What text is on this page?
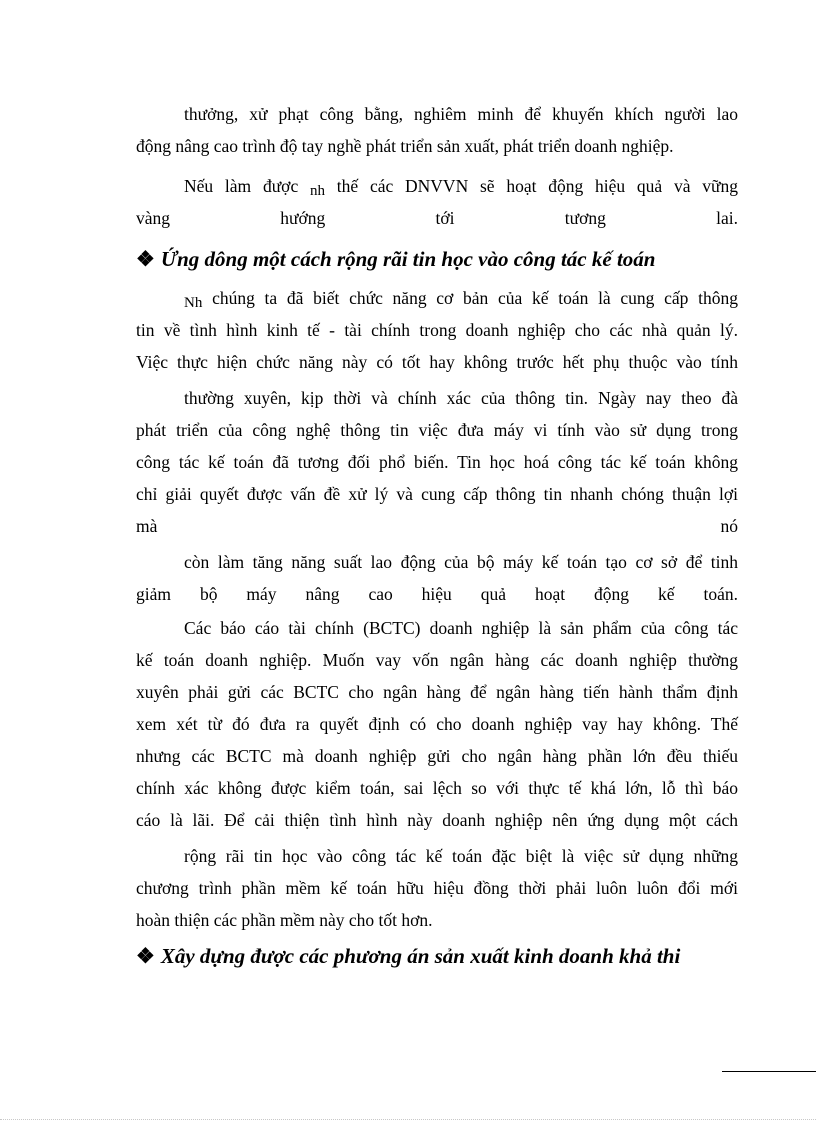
thưởng, xử phạt công bằng, nghiêm minh để khuyến khích người lao
động nâng cao trình độ tay nghề phát triển sản xuất, phát triển doanh nghiệp.
Nếu làm được nh thế các DNVVN sẽ hoạt động hiệu quả và vững
vàng hướng tới tương lai.
❖ Ứng dông một cách rộng rãi tin học vào công tác kế toán
Nh chúng ta đã biết chức năng cơ bản của kế toán là cung cấp thông
tin về tình hình kinh tế - tài chính trong doanh nghiệp cho các nhà quản lý.
Việc thực hiện chức năng này có tốt hay không trước hết phụ thuộc vào tính
thường xuyên, kịp thời và chính xác của thông tin. Ngày nay theo đà
phát triển của công nghệ thông tin việc đưa máy vi tính vào sử dụng trong
công tác kế toán đã tương đối phổ biến. Tin học hoá công tác kế toán không
chỉ giải quyết được vấn đề xử lý và cung cấp thông tin nhanh chóng thuận lợi
mà nó
còn làm tăng năng suất lao động của bộ máy kế toán tạo cơ sở để tinh
giảm bộ máy nâng cao hiệu quả hoạt động kế toán.
Các báo cáo tài chính (BCTC) doanh nghiệp là sản phẩm của công tác
kế toán doanh nghiệp. Muốn vay vốn ngân hàng các doanh nghiệp thường
xuyên phải gửi các BCTC cho ngân hàng để ngân hàng tiến hành thẩm định
xem xét từ đó đưa ra quyết định có cho doanh nghiệp vay hay không. Thế
nhưng các BCTC mà doanh nghiệp gửi cho ngân hàng phần lớn đều thiếu
chính xác không được kiểm toán, sai lệch so với thực tế khá lớn, lỗ thì báo
cáo là lãi. Để cải thiện tình hình này doanh nghiệp nên ứng dụng một cách
rộng rãi tin học vào công tác kế toán đặc biệt là việc sử dụng những
chương trình phần mềm kế toán hữu hiệu đồng thời phải luôn luôn đổi mới
hoàn thiện các phần mềm này cho tốt hơn.
❖ Xây dựng được các phương án sản xuất kinh doanh khả thi
